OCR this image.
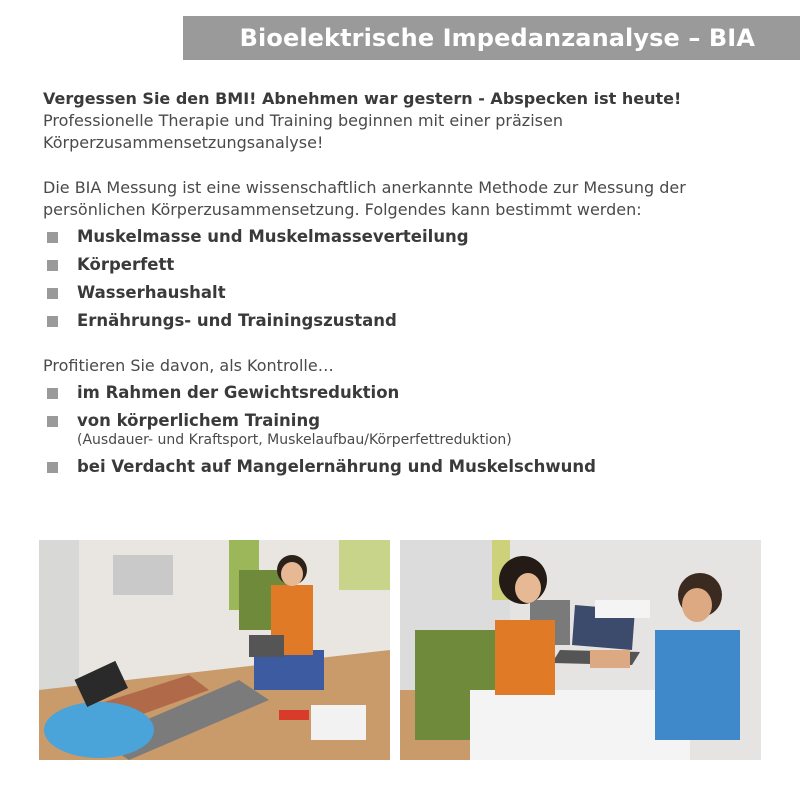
Bioelektrische Impedanzanalyse – BIA

Vergessen Sie den BMI! Abnehmen war gestern - Abspecken ist heute!

Professionelle Therapie und Training beginnen mit einer präzisen Körperzusammensetzungsanalyse!

Die BIA Messung ist eine wissenschaftlich anerkannte Methode zur Messung der persönlichen Körperzusammensetzung. Folgendes kann bestimmt werden:

Muskelmasse und Muskelmasseverteilung
Körperfett
Wasserhaushalt
Ernährungs- und Trainingszustand

Profitieren Sie davon, als Kontrolle…

im Rahmen der Gewichtsreduktion
von körperlichem Training
(Ausdauer- und Kraftsport, Muskelaufbau/Körperfettreduktion)
bei Verdacht auf Mangelernährung und Muskelschwund
